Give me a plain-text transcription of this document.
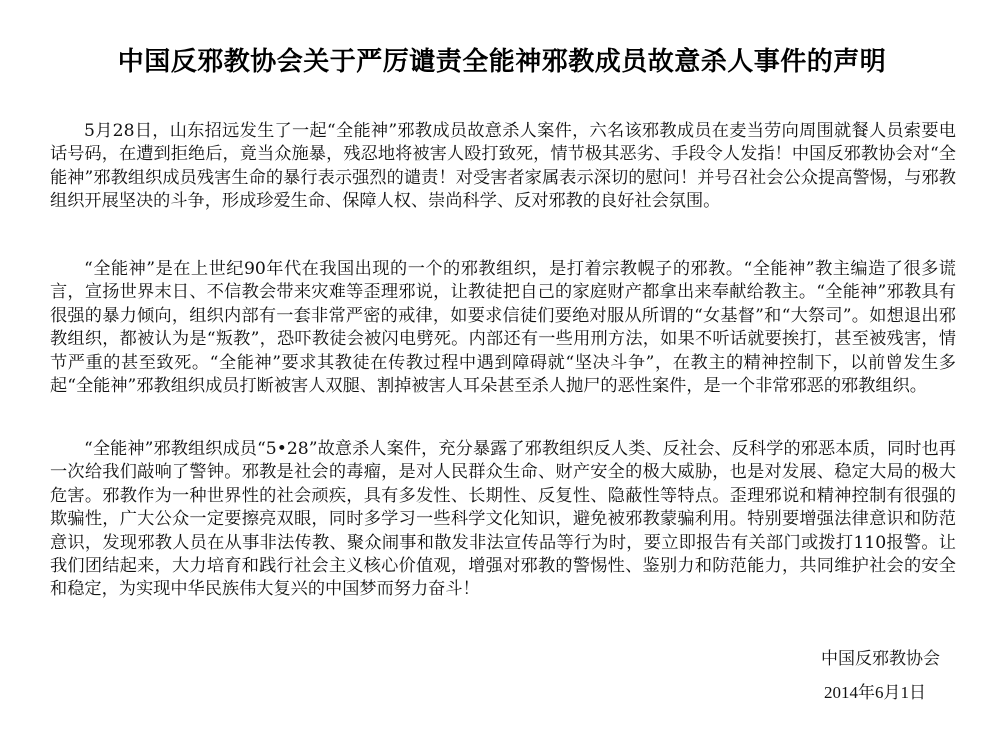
中国反邪教协会关于严厉谴责全能神邪教成员故意杀人事件的声明

5月28日，山东招远发生了一起“全能神”邪教成员故意杀人案件，六名该邪教成员在麦当劳向周围就餐人员索要电话号码，在遭到拒绝后，竟当众施暴，残忍地将被害人殴打致死，情节极其恶劣、手段令人发指！中国反邪教协会对“全能神”邪教组织成员残害生命的暴行表示强烈的谴责！对受害者家属表示深切的慰问！并号召社会公众提高警惕，与邪教组织开展坚决的斗争，形成珍爱生命、保障人权、崇尚科学、反对邪教的良好社会氛围。

“全能神”是在上世纪90年代在我国出现的一个的邪教组织，是打着宗教幌子的邪教。“全能神”教主编造了很多谎言，宣扬世界末日、不信教会带来灾难等歪理邪说，让教徒把自己的家庭财产都拿出来奉献给教主。“全能神”邪教具有很强的暴力倾向，组织内部有一套非常严密的戒律，如要求信徒们要绝对服从所谓的“女基督”和“大祭司”。如想退出邪教组织，都被认为是“叛教”，恐吓教徒会被闪电劈死。内部还有一些用刑方法，如果不听话就要挨打，甚至被残害，情节严重的甚至致死。“全能神”要求其教徒在传教过程中遇到障碍就“坚决斗争”，在教主的精神控制下，以前曾发生多起“全能神”邪教组织成员打断被害人双腿、割掉被害人耳朵甚至杀人抛尸的恶性案件，是一个非常邪恶的邪教组织。

“全能神”邪教组织成员“5•28”故意杀人案件，充分暴露了邪教组织反人类、反社会、反科学的邪恶本质，同时也再一次给我们敲响了警钟。邪教是社会的毒瘤，是对人民群众生命、财产安全的极大威胁，也是对发展、稳定大局的极大危害。邪教作为一种世界性的社会顽疾，具有多发性、长期性、反复性、隐蔽性等特点。歪理邪说和精神控制有很强的欺骗性，广大公众一定要擦亮双眼，同时多学习一些科学文化知识，避免被邪教蒙骗利用。特别要增强法律意识和防范意识，发现邪教人员在从事非法传教、聚众闹事和散发非法宣传品等行为时，要立即报告有关部门或拨打110报警。让我们团结起来，大力培育和践行社会主义核心价值观，增强对邪教的警惕性、鉴别力和防范能力，共同维护社会的安全和稳定，为实现中华民族伟大复兴的中国梦而努力奋斗！

中国反邪教协会
2014年6月1日
